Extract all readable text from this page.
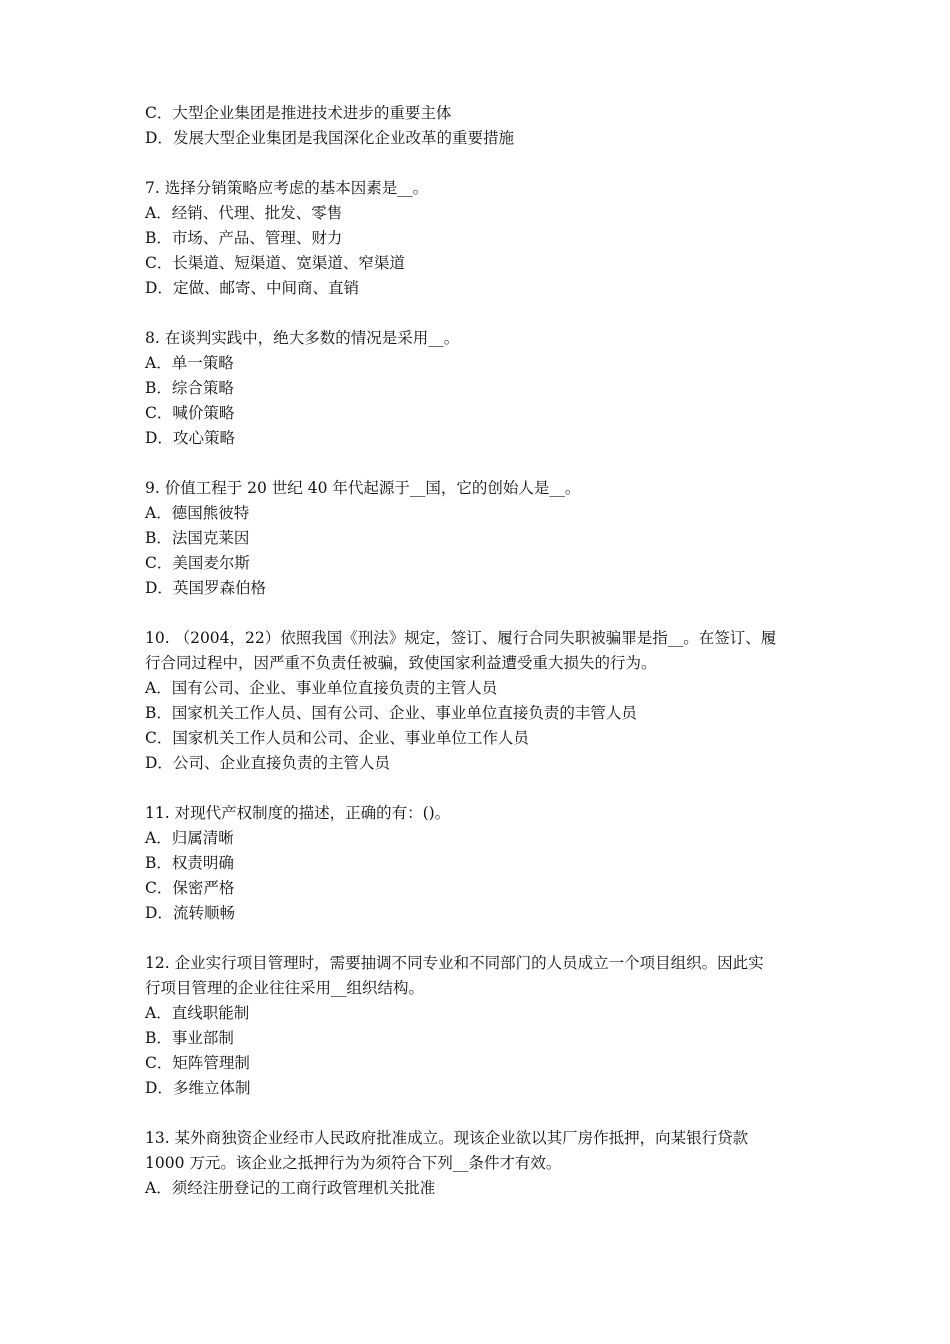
C．大型企业集团是推进技术进步的重要主体
D．发展大型企业集团是我国深化企业改革的重要措施
7. 选择分销策略应考虑的基本因素是__。
A．经销、代理、批发、零售
B．市场、产品、管理、财力
C．长渠道、短渠道、宽渠道、窄渠道
D．定做、邮寄、中间商、直销
8. 在谈判实践中，绝大多数的情况是采用__。
A．单一策略
B．综合策略
C．喊价策略
D．攻心策略
9. 价值工程于 20 世纪 40 年代起源于__国，它的创始人是__。
A．德国熊彼特
B．法国克莱因
C．美国麦尔斯
D．英国罗森伯格
10. （2004，22）依照我国《刑法》规定，签订、履行合同失职被骗罪是指__。在签订、履
行合同过程中，因严重不负责任被骗，致使国家利益遭受重大损失的行为。
A．国有公司、企业、事业单位直接负责的主管人员
B．国家机关工作人员、国有公司、企业、事业单位直接负责的丰管人员
C．国家机关工作人员和公司、企业、事业单位工作人员
D．公司、企业直接负责的主管人员
11. 对现代产权制度的描述，正确的有：()。
A．归属清晰
B．权责明确
C．保密严格
D．流转顺畅
12. 企业实行项目管理时，需要抽调不同专业和不同部门的人员成立一个项目组织。因此实
行项目管理的企业往往采用__组织结构。
A．直线职能制
B．事业部制
C．矩阵管理制
D．多维立体制
13. 某外商独资企业经市人民政府批准成立。现该企业欲以其厂房作抵押，向某银行贷款
1000 万元。该企业之抵押行为为须符合下列__条件才有效。
A．须经注册登记的工商行政管理机关批准
